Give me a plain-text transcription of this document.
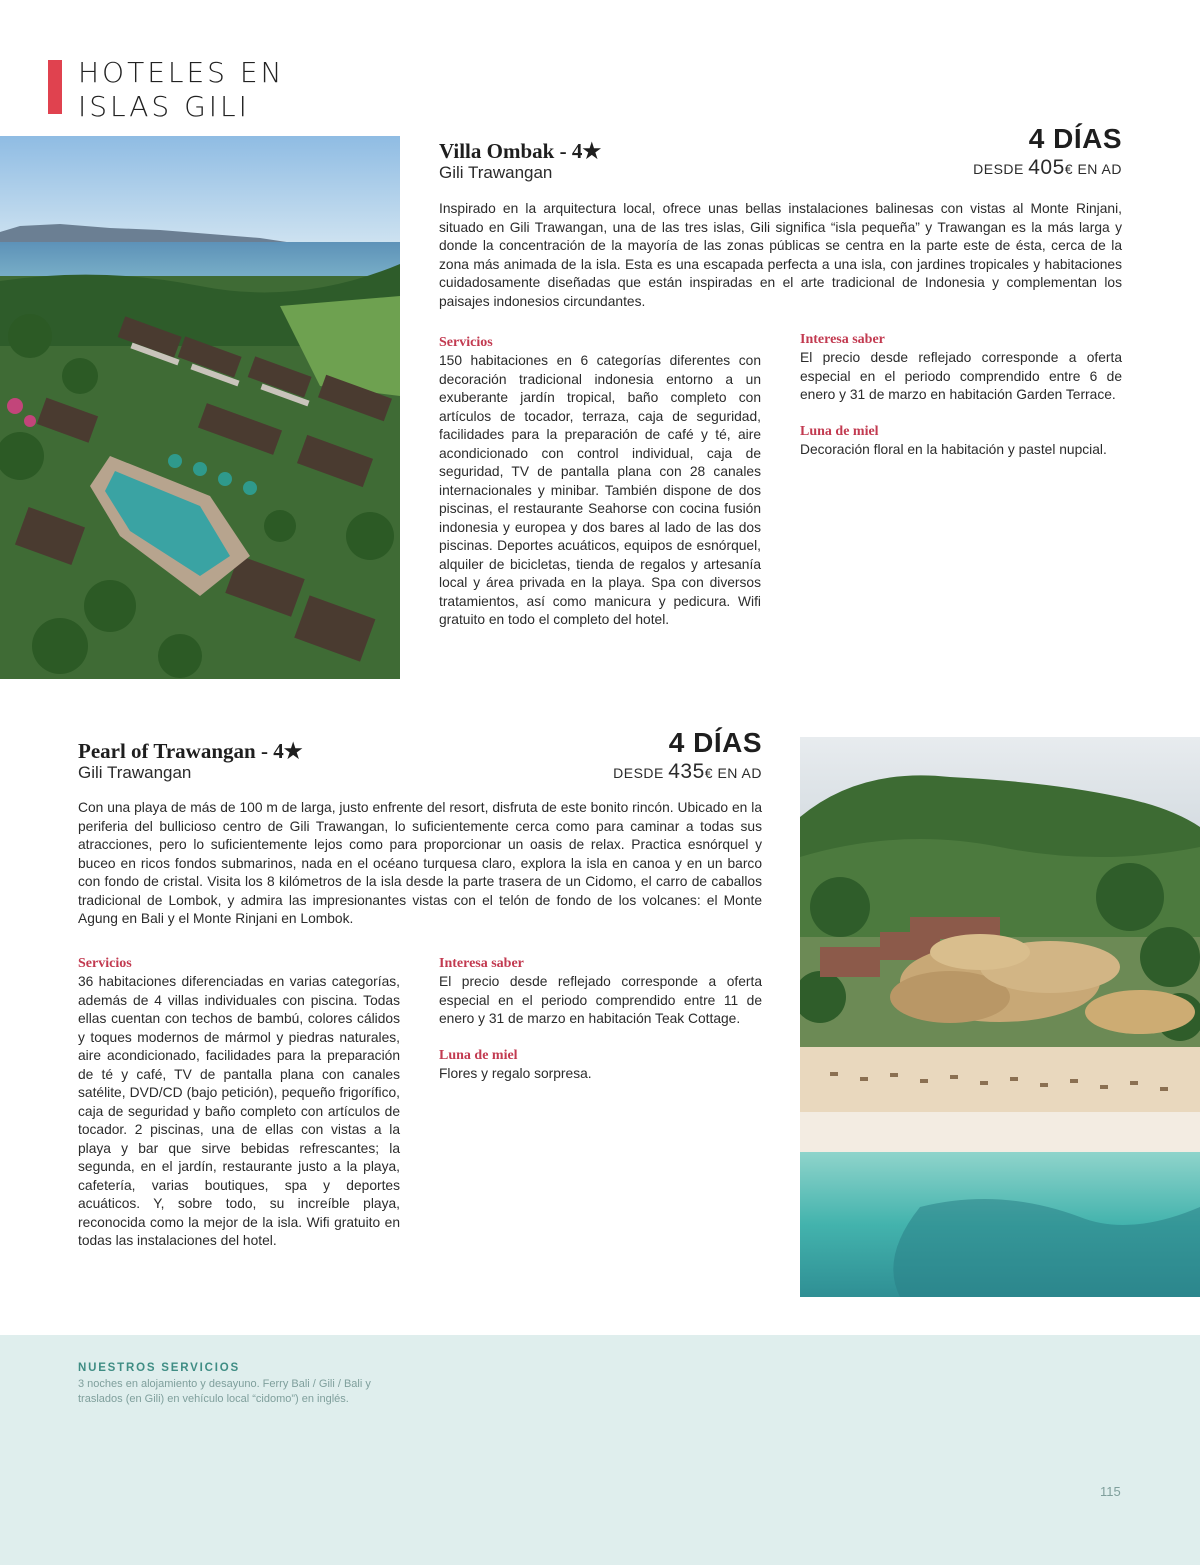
HOTELES EN
ISLAS GILI
Villa Ombak - 4★
Gili Trawangan
4 DÍAS
DESDE 405€ EN AD
Inspirado en la arquitectura local, ofrece unas bellas instalaciones balinesas con vistas al Monte Rinjani, situado en Gili Trawangan, una de las tres islas, Gili significa “isla pequeña” y Trawangan es la más larga y donde la concentración de la mayoría de las zonas públicas se centra en la parte este de ésta, cerca de la zona más animada de la isla. Esta es una escapada perfecta a una isla, con jardines tropicales y habitaciones cuidadosamente diseñadas que están inspiradas en el arte tradicional de Indonesia y complementan los paisajes indonesios circundantes.
Servicios
150 habitaciones en 6 categorías diferentes con decoración tradicional indonesia entorno a un exuberante jardín tropical, baño completo con artículos de tocador, terraza, caja de seguridad, facilidades para la preparación de café y té, aire acondicionado con control individual, caja de seguridad, TV de pantalla plana con 28 canales internacionales y minibar. También dispone de dos piscinas, el restaurante Seahorse con cocina fusión indonesia y europea y dos bares al lado de las dos piscinas. Deportes acuáticos, equipos de esnórquel, alquiler de bicicletas, tienda de regalos y artesanía local y área privada en la playa. Spa con diversos tratamientos, así como manicura y pedicura. Wifi gratuito en todo el completo del hotel.
Interesa saber
El precio desde reflejado corresponde a oferta especial en el periodo comprendido entre 6 de enero y 31 de marzo en habitación Garden Terrace.
Luna de miel
Decoración floral en la habitación y pastel nupcial.
Pearl of Trawangan - 4★
Gili Trawangan
4 DÍAS
DESDE 435€ EN AD
Con una playa de más de 100 m de larga, justo enfrente del resort, disfruta de este bonito rincón. Ubicado en la periferia del bullicioso centro de Gili Trawangan, lo suficientemente cerca como para caminar a todas sus atracciones, pero lo suficientemente lejos como para proporcionar un oasis de relax. Practica esnórquel y buceo en ricos fondos submarinos, nada en el océano turquesa claro, explora la isla en canoa y en un barco con fondo de cristal. Visita los 8 kilómetros de la isla desde la parte trasera de un Cidomo, el carro de caballos tradicional de Lombok, y admira las impresionantes vistas con el telón de fondo de los volcanes: el Monte Agung en Bali y el Monte Rinjani en Lombok.
Servicios
36 habitaciones diferenciadas en varias categorías, además de 4 villas individuales con piscina. Todas ellas cuentan con techos de bambú, colores cálidos y toques modernos de mármol y piedras naturales, aire acondicionado, facilidades para la preparación de té y café, TV de pantalla plana con canales satélite, DVD/CD (bajo petición), pequeño frigorífico, caja de seguridad y baño completo con artículos de tocador. 2 piscinas, una de ellas con vistas a la playa y bar que sirve bebidas refrescantes; la segunda, en el jardín, restaurante justo a la playa, cafetería, varias boutiques, spa y deportes acuáticos. Y, sobre todo, su increíble playa, reconocida como la mejor de la isla. Wifi gratuito en todas las instalaciones del hotel.
Interesa saber
El precio desde reflejado corresponde a oferta especial en el periodo comprendido entre 11 de enero y 31 de marzo en habitación Teak Cottage.
Luna de miel
Flores y regalo sorpresa.
NUESTROS SERVICIOS
3 noches en alojamiento y desayuno. Ferry Bali / Gili / Bali y traslados (en Gili) en vehículo local “cidomo”) en inglés.
115
